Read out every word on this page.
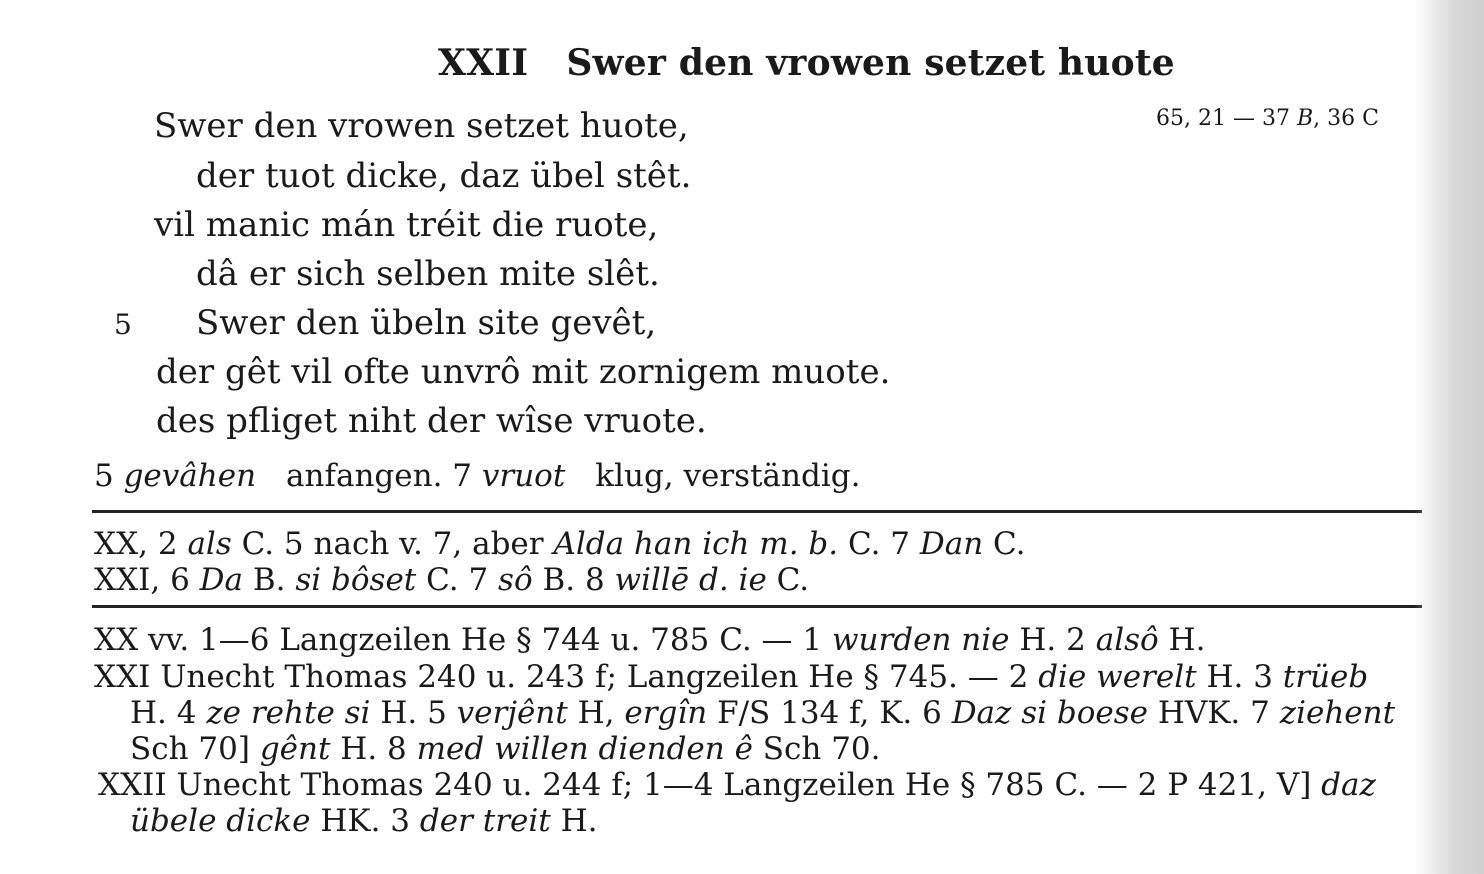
XXII Swer den vrowen setzet huote
65, 21 — 37 B, 36 C
Swer den vrowen setzet huote,
der tuot dicke, daz übel stêt.
vil manic mán tréit die ruote,
dâ er sich selben mite slêt.
5 Swer den übeln site gevêt,
der gêt vil ofte unvrô mit zornigem muote.
des pfliget niht der wîse vruote.
5 gevâhen anfangen. 7 vruot klug, verständig.
XX, 2 als C. 5 nach v. 7, aber Alda han ich m. b. C. 7 Dan C.
XXI, 6 Da B. si bôset C. 7 sô B. 8 willē d. ie C.
XX vv. 1—6 Langzeilen He § 744 u. 785 C. — 1 wurden nie H. 2 alsô H.
XXI Unecht Thomas 240 u. 243 f; Langzeilen He § 745. — 2 die werelt H. 3 trüeb
H. 4 ze rehte si H. 5 verjênt H, ergîn F/S 134 f, K. 6 Daz si boese HVK. 7 ziehent
Sch 70] gênt H. 8 med willen dienden ê Sch 70.
XXII Unecht Thomas 240 u. 244 f; 1—4 Langzeilen He § 785 C. — 2 P 421, V] daz
übele dicke HK. 3 der treit H.
